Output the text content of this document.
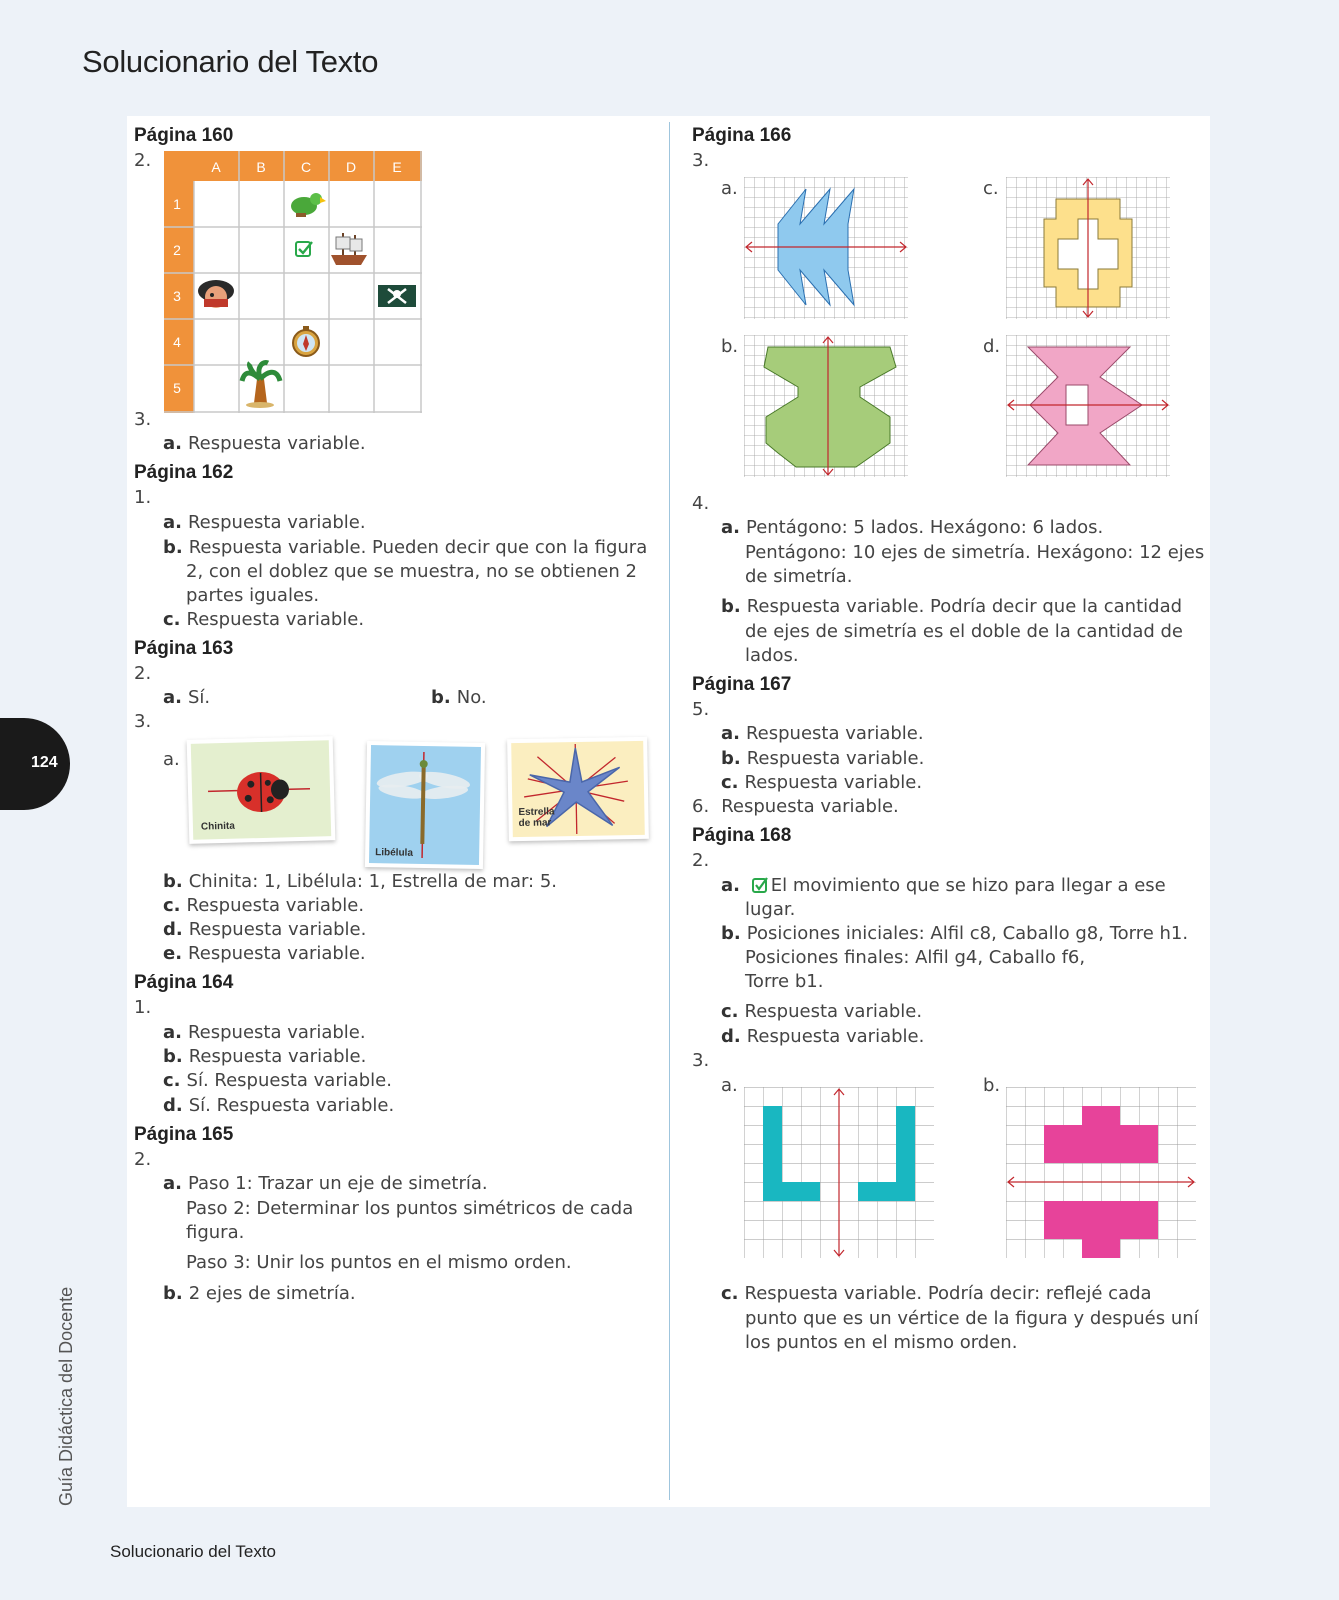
Solucionario del Texto
124
Guía Didáctica del Docente
Solucionario del Texto
Página 160
2.	A	B	C D	E
1
2
3
4
5
3.
a. Respuesta variable.
Página 162
1.
a. Respuesta variable.
b. Respuesta variable. Pueden decir que con la figura
2, con el doblez que se muestra, no se obtienen 2
partes iguales.
c. Respuesta variable.
Página 163
2.
a. Sí.	b. No.
3.
a.
Chinita
Libélula
Estrella de mar
b. Chinita: 1, Libélula: 1, Estrella de mar: 5.
c. Respuesta variable.
d. Respuesta variable.
e. Respuesta variable.
Página 164
1.
a. Respuesta variable.
b. Respuesta variable.
c. Sí. Respuesta variable.
d. Sí. Respuesta variable.
Página 165
2.
a. Paso 1: Trazar un eje de simetría.
Paso 2: Determinar los puntos simétricos de cada
figura.
Paso 3: Unir los puntos en el mismo orden.
b. 2 ejes de simetría.
Página 166
3.
a.	c.
b.	d.
4.
a. Pentágono: 5 lados. Hexágono: 6 lados.
Pentágono: 10 ejes de simetría. Hexágono: 12 ejes
de simetría.
b. Respuesta variable. Podría decir que la cantidad
de ejes de simetría es el doble de la cantidad de
lados.
Página 167
5.
a. Respuesta variable.
b. Respuesta variable.
c. Respuesta variable.
6. Respuesta variable.
Página 168
2.
a. El movimiento que se hizo para llegar a ese
lugar.
b. Posiciones iniciales: Alfil c8, Caballo g8, Torre h1.
Posiciones finales: Alfil g4, Caballo f6,
Torre b1.
c. Respuesta variable.
d. Respuesta variable.
3.
a.	b.
c. Respuesta variable. Podría decir: reflejé cada
punto que es un vértice de la figura y después uní
los puntos en el mismo orden.
